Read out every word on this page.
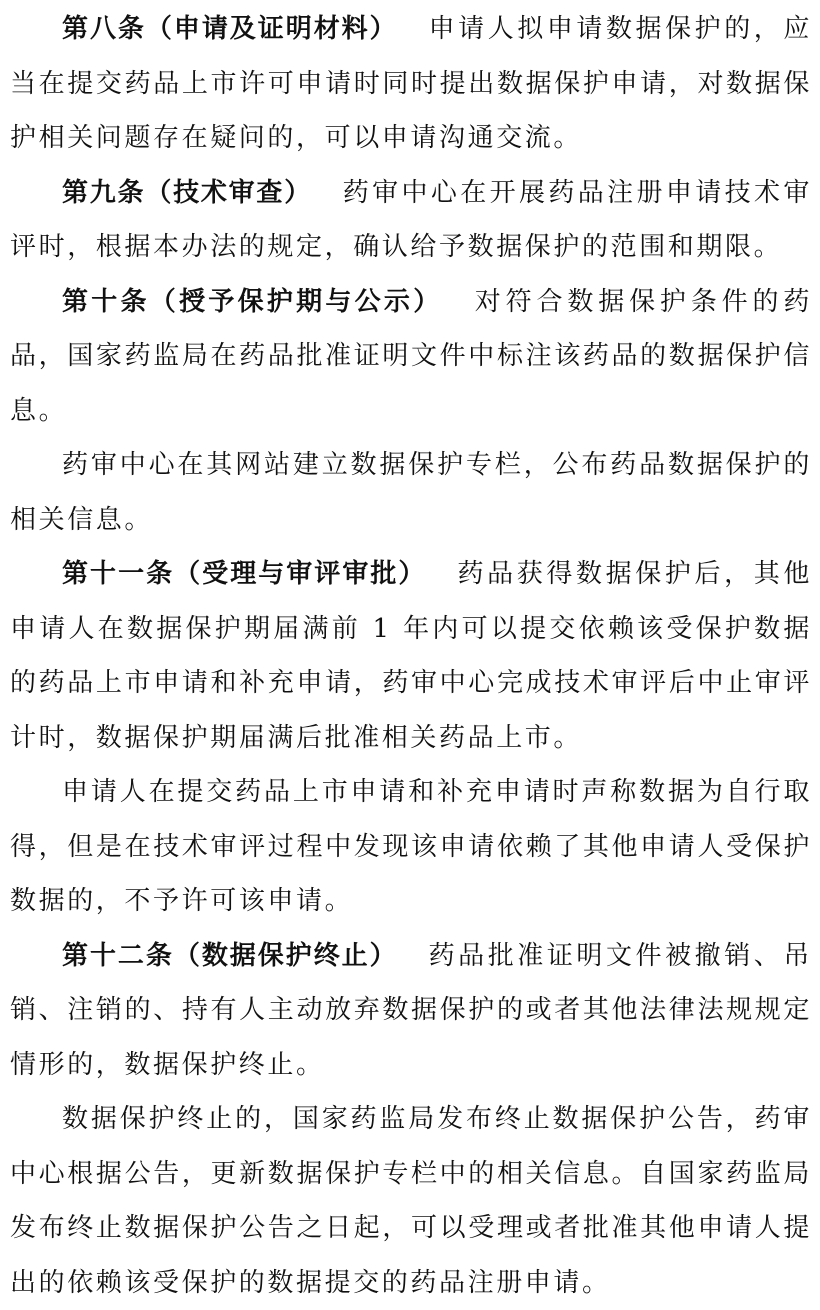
第八条（申请及证明材料） 申请人拟申请数据保护的，应当在提交药品上市许可申请时同时提出数据保护申请，对数据保护相关问题存在疑问的，可以申请沟通交流。

第九条（技术审查） 药审中心在开展药品注册申请技术审评时，根据本办法的规定，确认给予数据保护的范围和期限。

第十条（授予保护期与公示） 对符合数据保护条件的药品，国家药监局在药品批准证明文件中标注该药品的数据保护信息。

药审中心在其网站建立数据保护专栏，公布药品数据保护的相关信息。

第十一条（受理与审评审批） 药品获得数据保护后，其他申请人在数据保护期届满前 1 年内可以提交依赖该受保护数据的药品上市申请和补充申请，药审中心完成技术审评后中止审评计时，数据保护期届满后批准相关药品上市。

申请人在提交药品上市申请和补充申请时声称数据为自行取得，但是在技术审评过程中发现该申请依赖了其他申请人受保护数据的，不予许可该申请。

第十二条（数据保护终止） 药品批准证明文件被撤销、吊销、注销的、持有人主动放弃数据保护的或者其他法律法规规定情形的，数据保护终止。

数据保护终止的，国家药监局发布终止数据保护公告，药审中心根据公告，更新数据保护专栏中的相关信息。自国家药监局发布终止数据保护公告之日起，可以受理或者批准其他申请人提出的依赖该受保护的数据提交的药品注册申请。
